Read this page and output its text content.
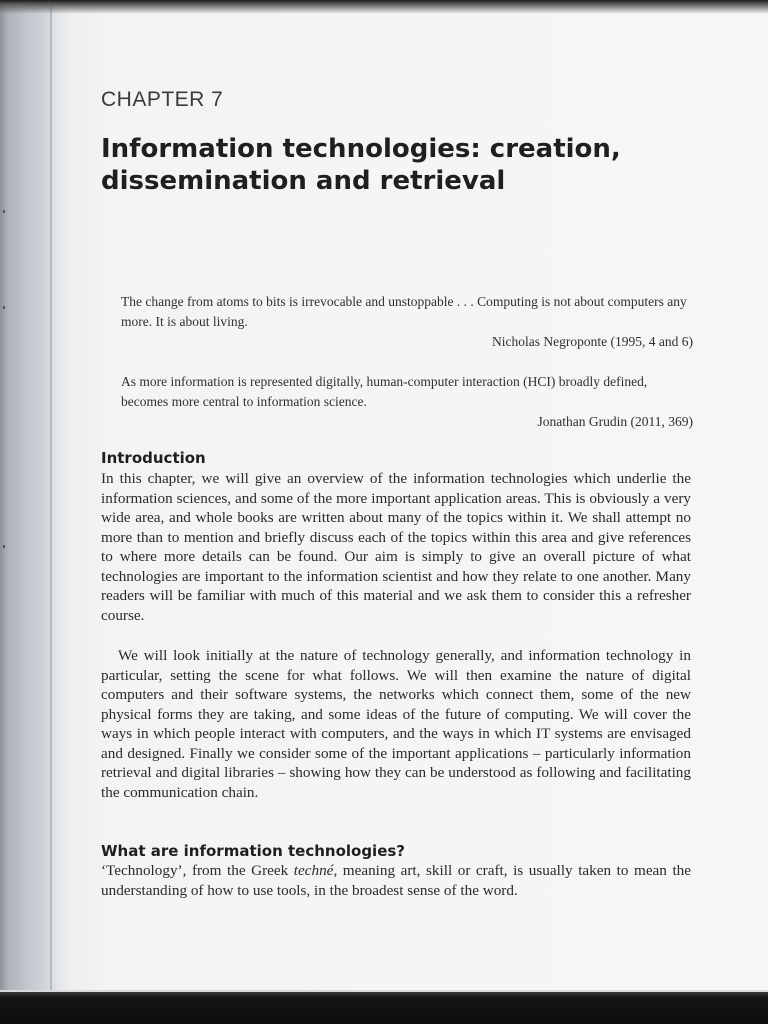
CHAPTER 7
Information technologies: creation, dissemination and retrieval

The change from atoms to bits is irrevocable and unstoppable . . . Computing is not about computers any more. It is about living.

Nicholas Negroponte (1995, 4 and 6)

As more information is represented digitally, human-computer interaction (HCI) broadly defined, becomes more central to information science.

Jonathan Grudin (2011, 369)

Introduction

In this chapter, we will give an overview of the information technologies which underlie the information sciences, and some of the more important application areas. This is obviously a very wide area, and whole books are written about many of the topics within it. We shall attempt no more than to mention and briefly discuss each of the topics within this area and give references to where more details can be found. Our aim is simply to give an overall picture of what technologies are important to the information scientist and how they relate to one another. Many readers will be familiar with much of this material and we ask them to consider this a refresher course.

We will look initially at the nature of technology generally, and information technology in particular, setting the scene for what follows. We will then examine the nature of digital computers and their software systems, the networks which connect them, some of the new physical forms they are taking, and some ideas of the future of computing. We will cover the ways in which people interact with computers, and the ways in which IT systems are envisaged and designed. Finally we consider some of the important applications – particularly information retrieval and digital libraries – showing how they can be understood as following and facilitating the communication chain.

What are information technologies?

‘Technology’, from the Greek techné, meaning art, skill or craft, is usually taken to mean the understanding of how to use tools, in the broadest sense of the word.
